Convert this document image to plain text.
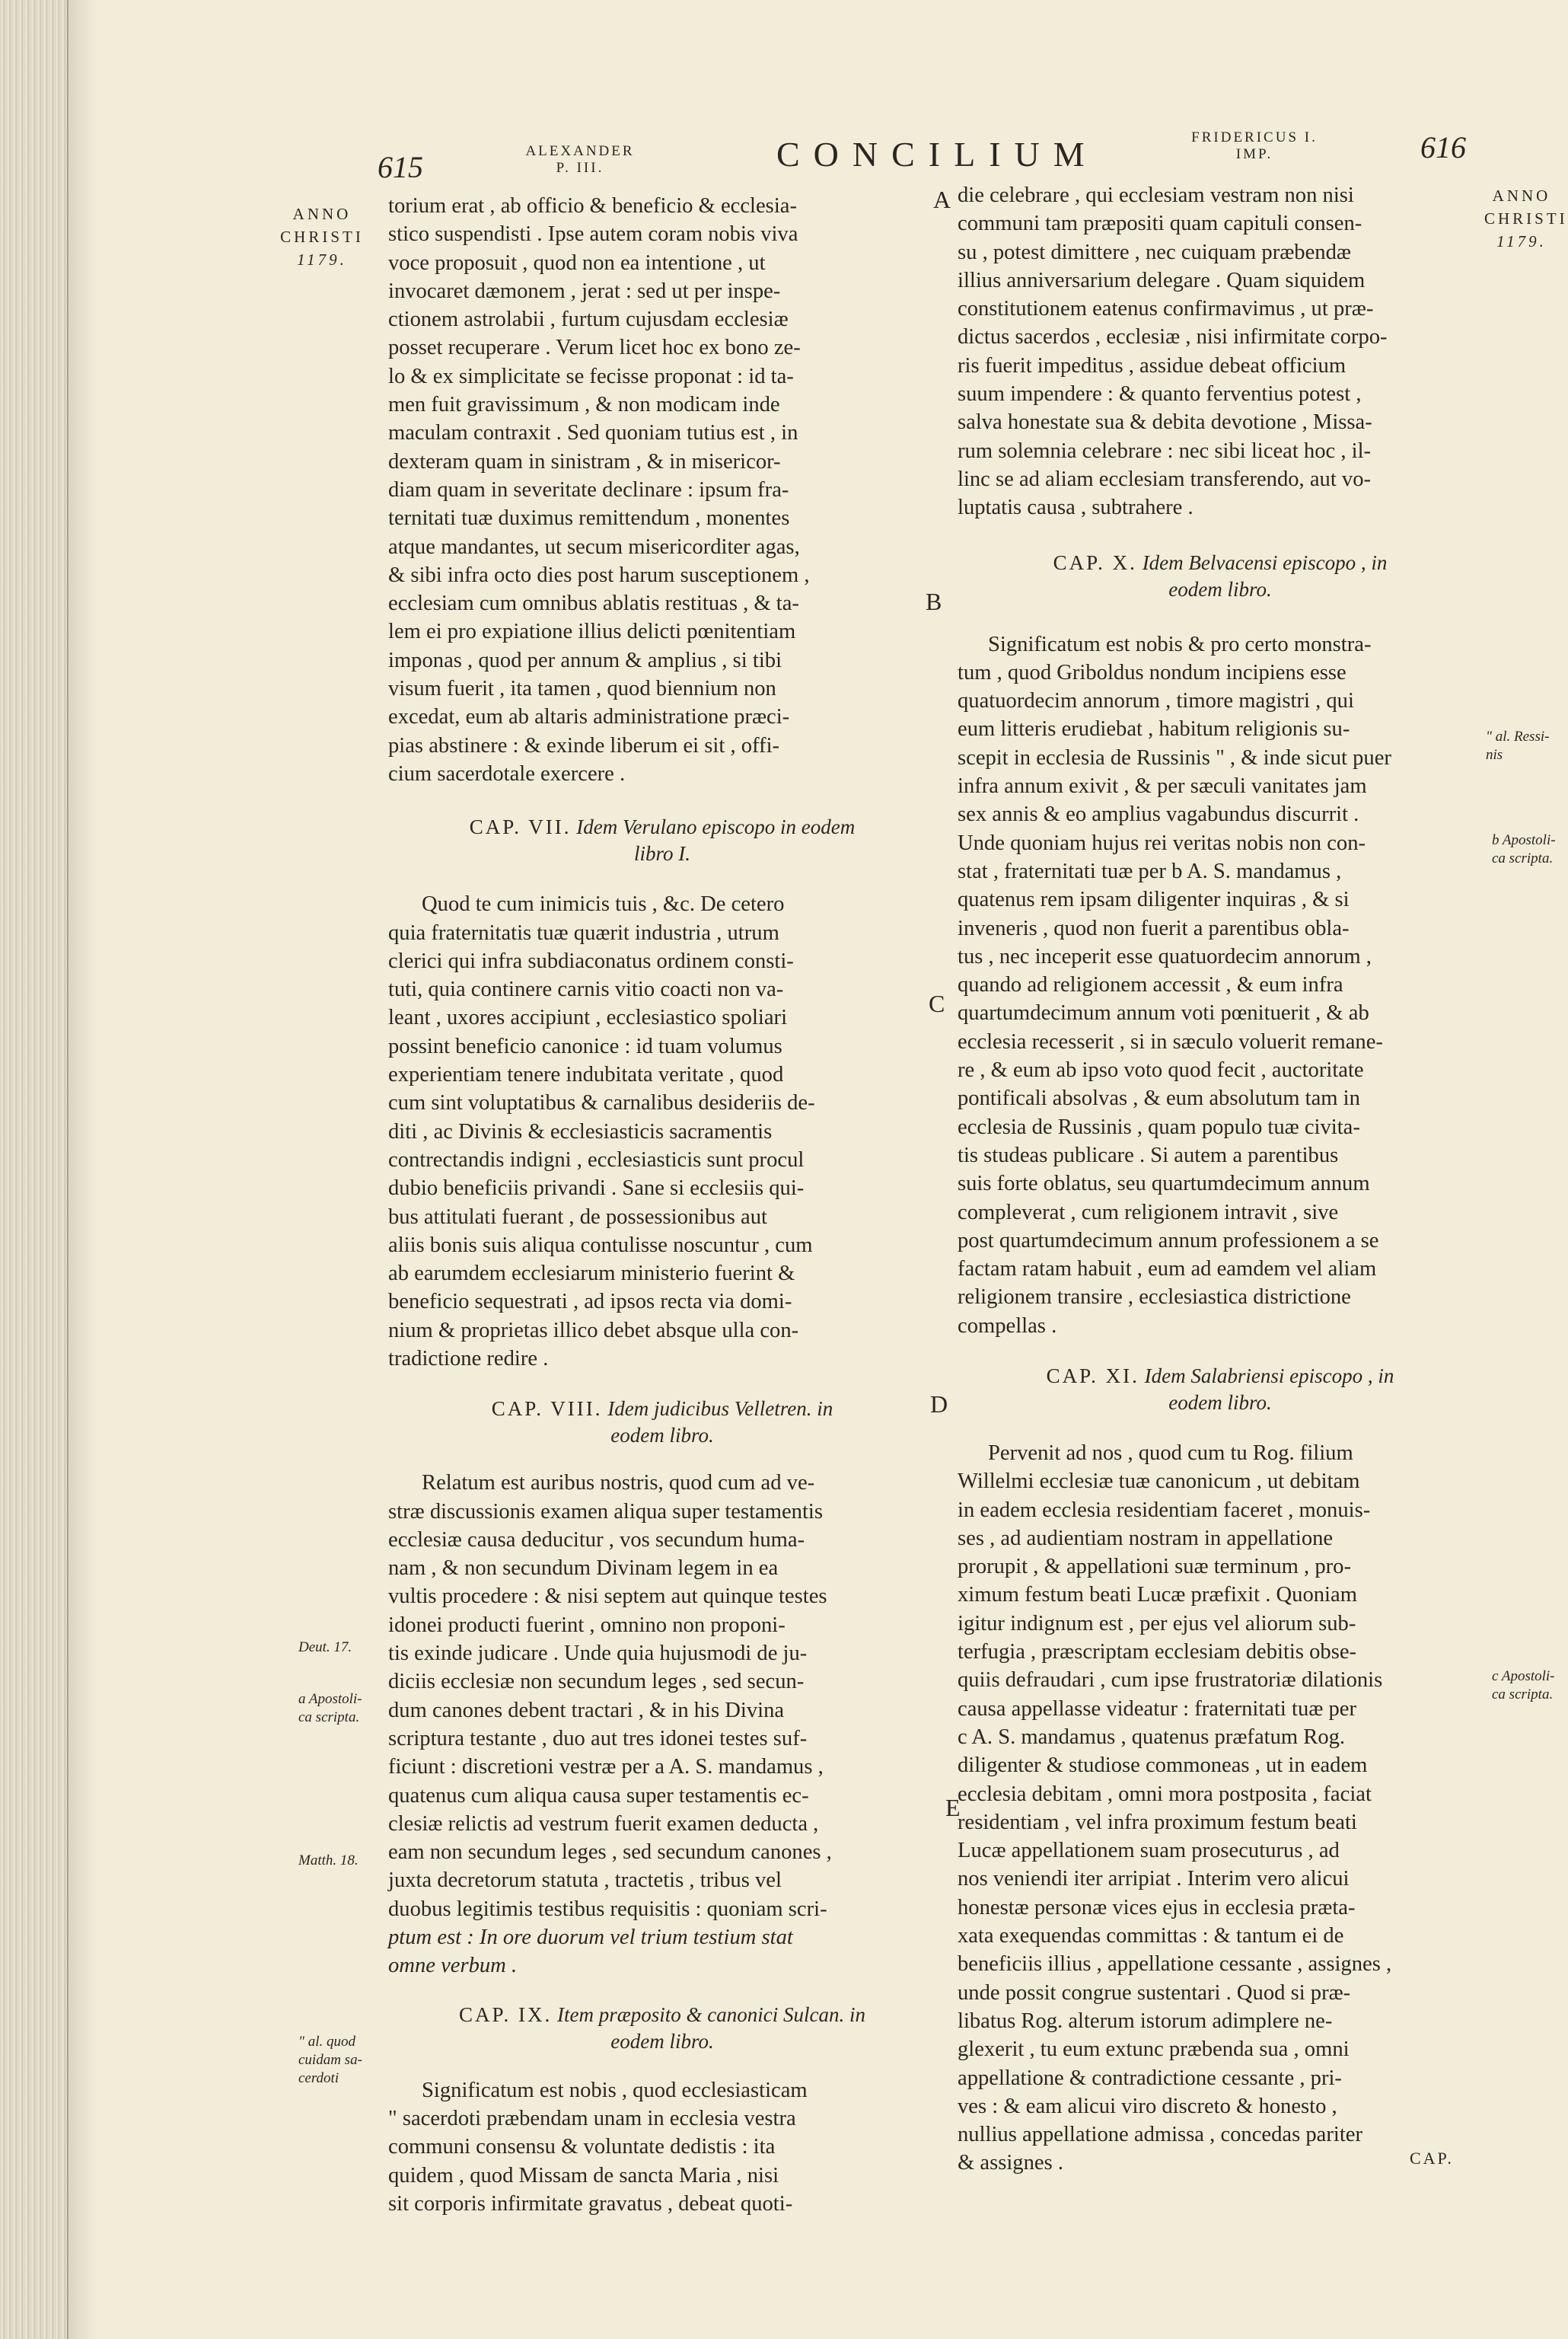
615	ALEXANDER
P. III.	CONCILIUM	FRIDERICUS I.
IMP.	616
ANNO
CHRISTI
1179.
Deut. 17.
a Apostoli-
ca scripta.
Matth. 18.
" al. quod
cuidam sa-
cerdoti
ANNO
CHRISTI
1179.
" al. Ressi-
nis
b Apostoli-
ca scripta.
c Apostoli-
ca scripta.
A
B
C
D
E
torium erat , ab officio & beneficio & ecclesia-
stico suspendisti . Ipse autem coram nobis viva
voce proposuit , quod non ea intentione , ut
invocaret dæmonem , jerat : sed ut per inspe-
ctionem astrolabii , furtum cujusdam ecclesiæ
posset recuperare . Verum licet hoc ex bono ze-
lo & ex simplicitate se fecisse proponat : id ta-
men fuit gravissimum , & non modicam inde
maculam contraxit . Sed quoniam tutius est , in
dexteram quam in sinistram , & in misericor-
diam quam in severitate declinare : ipsum fra-
ternitati tuæ duximus remittendum , monentes
atque mandantes, ut secum misericorditer agas,
& sibi infra octo dies post harum susceptionem ,
ecclesiam cum omnibus ablatis restituas , & ta-
lem ei pro expiatione illius delicti pœnitentiam
imponas , quod per annum & amplius , si tibi
visum fuerit , ita tamen , quod biennium non
excedat, eum ab altaris administratione præci-
pias abstinere : & exinde liberum ei sit , offi-
cium sacerdotale exercere .
CAP. VII. Idem Verulano episcopo in eodem
libro I.
Quod te cum inimicis tuis , &c. De cetero
quia fraternitatis tuæ quærit industria , utrum
clerici qui infra subdiaconatus ordinem consti-
tuti, quia continere carnis vitio coacti non va-
leant , uxores accipiunt , ecclesiastico spoliari
possint beneficio canonice : id tuam volumus
experientiam tenere indubitata veritate , quod
cum sint voluptatibus & carnalibus desideriis de-
diti , ac Divinis & ecclesiasticis sacramentis
contrectandis indigni , ecclesiasticis sunt procul
dubio beneficiis privandi . Sane si ecclesiis qui-
bus attitulati fuerant , de possessionibus aut
aliis bonis suis aliqua contulisse noscuntur , cum
ab earumdem ecclesiarum ministerio fuerint &
beneficio sequestrati , ad ipsos recta via domi-
nium & proprietas illico debet absque ulla con-
tradictione redire .
CAP. VIII. Idem judicibus Velletren. in
eodem libro.
Relatum est auribus nostris, quod cum ad ve-
stræ discussionis examen aliqua super testamentis
ecclesiæ causa deducitur , vos secundum huma-
nam , & non secundum Divinam legem in ea
vultis procedere : & nisi septem aut quinque testes
idonei producti fuerint , omnino non proponi-
tis exinde judicare . Unde quia hujusmodi de ju-
diciis ecclesiæ non secundum leges , sed secun-
dum canones debent tractari , & in his Divina
scriptura testante , duo aut tres idonei testes suf-
ficiunt : discretioni vestræ per a A. S. mandamus ,
quatenus cum aliqua causa super testamentis ec-
clesiæ relictis ad vestrum fuerit examen deducta ,
eam non secundum leges , sed secundum canones ,
juxta decretorum statuta , tractetis , tribus vel
duobus legitimis testibus requisitis : quoniam scri-
ptum est : In ore duorum vel trium testium stat
omne verbum .
CAP. IX. Item præposito & canonici Sulcan. in
eodem libro.
Significatum est nobis , quod ecclesiasticam
" sacerdoti præbendam unam in ecclesia vestra
communi consensu & voluntate dedistis : ita
quidem , quod Missam de sancta Maria , nisi
sit corporis infirmitate gravatus , debeat quoti-
die celebrare , qui ecclesiam vestram non nisi
communi tam præpositi quam capituli consen-
su , potest dimittere , nec cuiquam præbendæ
illius anniversarium delegare . Quam siquidem
constitutionem eatenus confirmavimus , ut præ-
dictus sacerdos , ecclesiæ , nisi infirmitate corpo-
ris fuerit impeditus , assidue debeat officium
suum impendere : & quanto ferventius potest ,
salva honestate sua & debita devotione , Missa-
rum solemnia celebrare : nec sibi liceat hoc , il-
linc se ad aliam ecclesiam transferendo, aut vo-
luptatis causa , subtrahere .
CAP. X. Idem Belvacensi episcopo , in
eodem libro.
Significatum est nobis & pro certo monstra-
tum , quod Griboldus nondum incipiens esse
quatuordecim annorum , timore magistri , qui
eum litteris erudiebat , habitum religionis su-
scepit in ecclesia de Russinis " , & inde sicut puer
infra annum exivit , & per sæculi vanitates jam
sex annis & eo amplius vagabundus discurrit .
Unde quoniam hujus rei veritas nobis non con-
stat , fraternitati tuæ per b A. S. mandamus ,
quatenus rem ipsam diligenter inquiras , & si
inveneris , quod non fuerit a parentibus obla-
tus , nec inceperit esse quatuordecim annorum ,
quando ad religionem accessit , & eum infra
quartumdecimum annum voti pœnituerit , & ab
ecclesia recesserit , si in sæculo voluerit remane-
re , & eum ab ipso voto quod fecit , auctoritate
pontificali absolvas , & eum absolutum tam in
ecclesia de Russinis , quam populo tuæ civita-
tis studeas publicare . Si autem a parentibus
suis forte oblatus, seu quartumdecimum annum
compleverat , cum religionem intravit , sive
post quartumdecimum annum professionem a se
factam ratam habuit , eum ad eamdem vel aliam
religionem transire , ecclesiastica districtione
compellas .
CAP. XI. Idem Salabriensi episcopo , in
eodem libro.
Pervenit ad nos , quod cum tu Rog. filium
Willelmi ecclesiæ tuæ canonicum , ut debitam
in eadem ecclesia residentiam faceret , monuis-
ses , ad audientiam nostram in appellatione
prorupit , & appellationi suæ terminum , pro-
ximum festum beati Lucæ præfixit . Quoniam
igitur indignum est , per ejus vel aliorum sub-
terfugia , præscriptam ecclesiam debitis obse-
quiis defraudari , cum ipse frustratoriæ dilationis
causa appellasse videatur : fraternitati tuæ per
c A. S. mandamus , quatenus præfatum Rog.
diligenter & studiose commoneas , ut in eadem
ecclesia debitam , omni mora postposita , faciat
residentiam , vel infra proximum festum beati
Lucæ appellationem suam prosecuturus , ad
nos veniendi iter arripiat . Interim vero alicui
honestæ personæ vices ejus in ecclesia præta-
xata exequendas committas : & tantum ei de
beneficiis illius , appellatione cessante , assignes ,
unde possit congrue sustentari . Quod si præ-
libatus Rog. alterum istorum adimplere ne-
glexerit , tu eum extunc præbenda sua , omni
appellatione & contradictione cessante , pri-
ves : & eam alicui viro discreto & honesto ,
nullius appellatione admissa , concedas pariter
& assignes .	CAP.
